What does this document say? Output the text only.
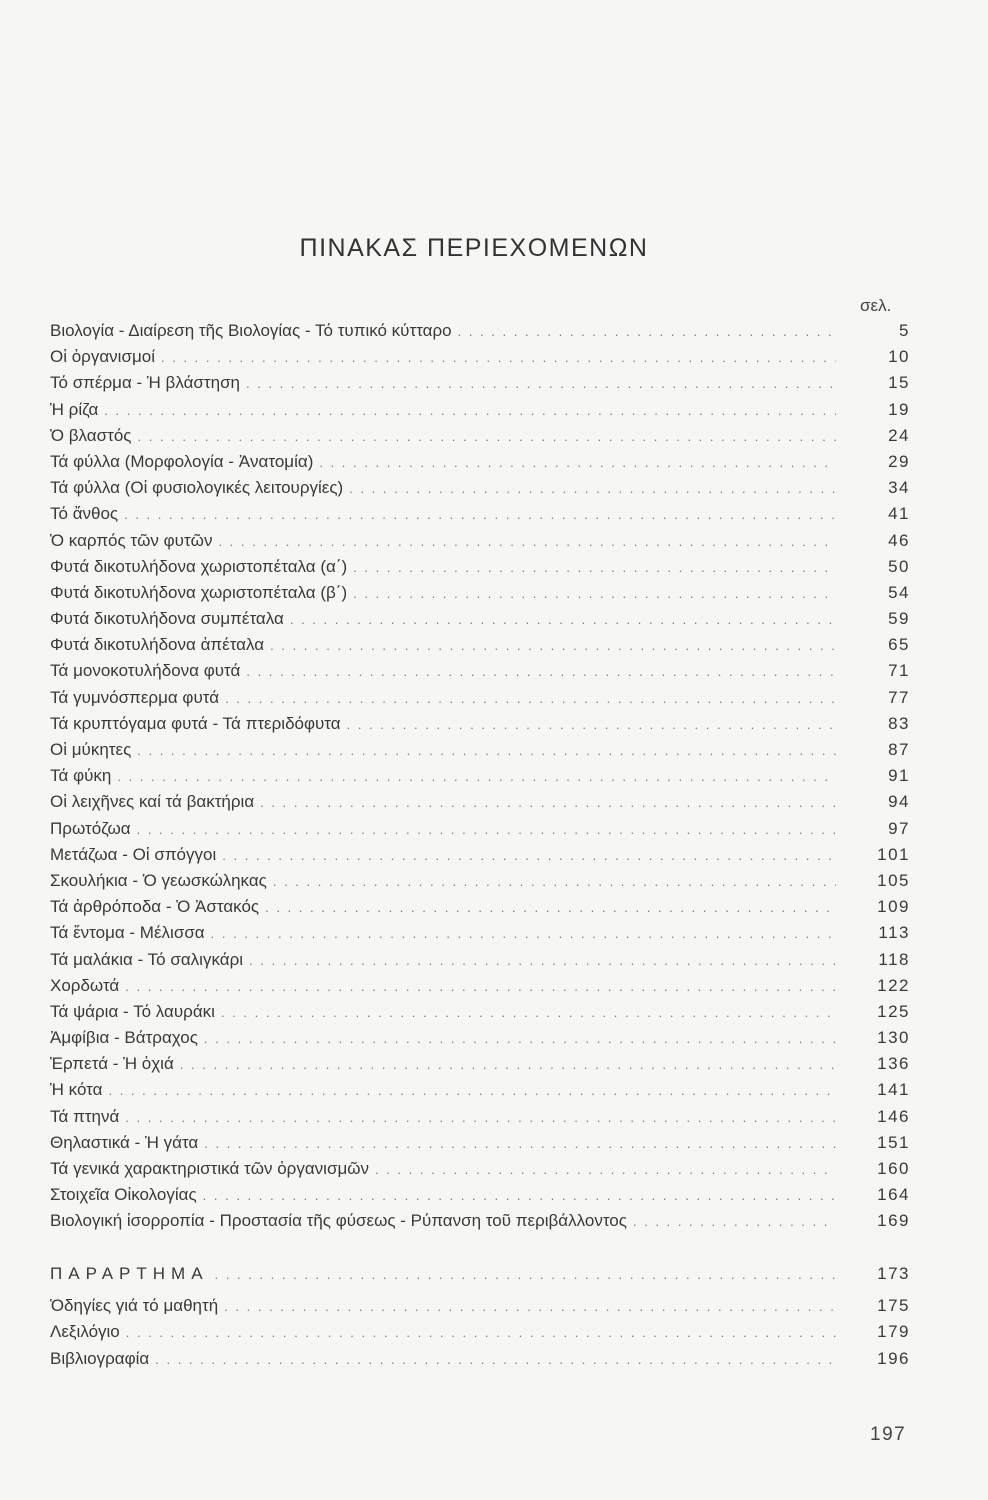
ΠΙΝΑΚΑΣ ΠΕΡΙΕΧΟΜΕΝΩΝ
σελ.
Βιολογία - Διαίρεση τῆς Βιολογίας - Τό τυπικό κύτταρο . . .	5
Οἱ ὀργανισμοί . . .	10
Τό σπέρμα - Ἡ βλάστηση . . .	15
Ἡ ρίζα . . .	19
Ὁ βλαστός . . .	24
Τά φύλλα (Μορφολογία - Ἀνατομία) . . .	29
Τά φύλλα (Οἱ φυσιολογικές λειτουργίες) . . .	34
Τό ἄνθος . . .	41
Ὁ καρπός τῶν φυτῶν . . .	46
Φυτά δικοτυλήδονα χωριστοπέταλα (α΄) . . .	50
Φυτά δικοτυλήδονα χωριστοπέταλα (β΄) . . .	54
Φυτά δικοτυλήδονα συμπέταλα . . .	59
Φυτά δικοτυλήδονα ἀπέταλα . . .	65
Τά μονοκοτυλήδονα φυτά . . .	71
Τά γυμνόσπερμα φυτά . . .	77
Τά κρυπτόγαμα φυτά - Τά πτεριδόφυτα . . .	83
Οἱ μύκητες . . .	87
Τά φύκη . . .	91
Οἱ λειχῆνες καί τά βακτήρια . . .	94
Πρωτόζωα . . .	97
Μετάζωα - Οἱ σπόγγοι . . .	101
Σκουλήκια - Ὁ γεωσκώληκας . . .	105
Τά ἀρθρόποδα - Ὁ Ἀστακός . . .	109
Τά ἔντομα - Μέλισσα . . .	113
Τά μαλάκια - Τό σαλιγκάρι . . .	118
Χορδωτά . . .	122
Τά ψάρια - Τό λαυράκι . . .	125
Ἀμφίβια - Βάτραχος . . .	130
Ἑρπετά - Ἡ ὀχιά . . .	136
Ἡ κότα . . .	141
Τά πτηνά . . .	146
Θηλαστικά - Ἡ γάτα . . .	151
Τά γενικά χαρακτηριστικά τῶν ὀργανισμῶν . . .	160
Στοιχεῖα Οἰκολογίας . . .	164
Βιολογική ἰσορροπία - Προστασία τῆς φύσεως - Ρύπανση τοῦ περιβάλλοντος . . .	169
ΠΑΡΑΡΤΗΜΑ . . .	173
Ὁδηγίες γιά τό μαθητή . . .	175
Λεξιλόγιο . . .	179
Βιβλιογραφία . . .	196
197
